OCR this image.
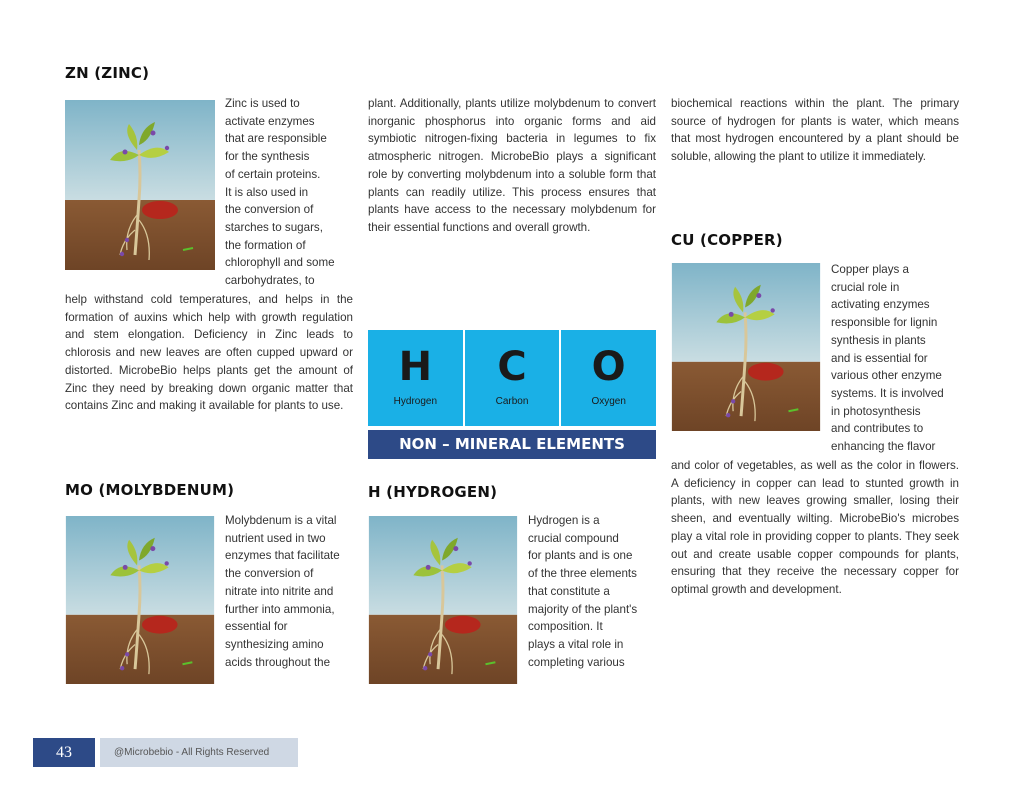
ZN (ZINC)

Zinc is used to

activate enzymes

that are responsible

for the synthesis

of certain proteins.

It is also used in

the conversion of

starches to sugars,

the formation of

chlorophyll and some

carbohydrates, to

help withstand cold temperatures, and helps in the formation of auxins which help with growth regulation and stem elongation. Deficiency in Zinc leads to chlorosis and new leaves are often cupped upward or distorted. MicrobeBio helps plants get the amount of Zinc they need by breaking down organic matter that contains Zinc and making it available for plants to use.

MO (MOLYBDENUM)

Molybdenum is a vital

nutrient used in two

enzymes that facilitate

the conversion of

nitrate into nitrite and

further into ammonia,

essential for

synthesizing amino

acids throughout the

plant. Additionally, plants utilize molybdenum to convert inorganic phosphorus into organic forms and aid symbiotic nitrogen-fixing bacteria in legumes to fix atmospheric nitrogen. MicrobeBio plays a significant role by converting molybdenum into a soluble form that plants can readily utilize. This process ensures that plants have access to the necessary molybdenum for their essential functions and overall growth.

H
Hydrogen
C
Carbon
O
Oxygen
NON – MINERAL ELEMENTS
H (HYDROGEN)

Hydrogen is a

crucial compound

for plants and is one

of the three elements

that constitute a

majority of the plant's

composition. It

plays a vital role in

completing various

biochemical reactions within the plant. The primary source of hydrogen for plants is water, which means that most hydrogen encountered by a plant should be soluble, allowing the plant to utilize it immediately.

CU (COPPER)

Copper plays a

crucial role in

activating enzymes

responsible for lignin

synthesis in plants

and is essential for

various other enzyme

systems. It is involved

in photosynthesis

and contributes to

enhancing the flavor

and color of vegetables, as well as the color in flowers. A deficiency in copper can lead to stunted growth in plants, with new leaves growing smaller, losing their sheen, and eventually wilting. MicrobeBio's microbes play a vital role in providing copper to plants. They seek out and create usable copper compounds for plants, ensuring that they receive the necessary copper for optimal growth and development.

43	@Microbebio - All Rights Reserved
